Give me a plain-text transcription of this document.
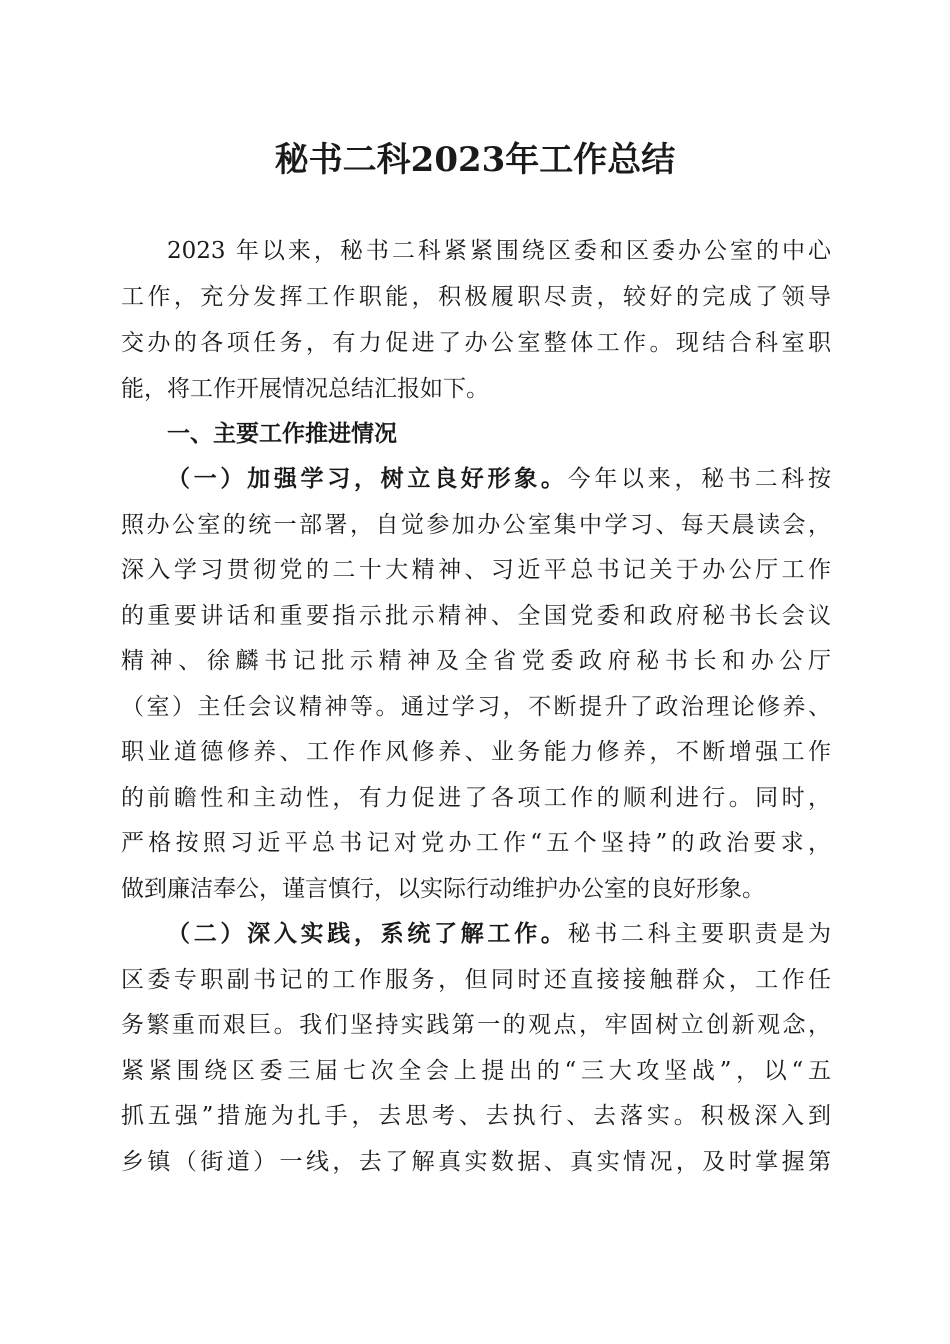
秘书二科2023年工作总结

2023 年以来，秘书二科紧紧围绕区委和区委办公室的中心

工作，充分发挥工作职能，积极履职尽责，较好的完成了领导

交办的各项任务，有力促进了办公室整体工作。现结合科室职

能，将工作开展情况总结汇报如下。

一、主要工作推进情况

（一）加强学习，树立良好形象。今年以来，秘书二科按

照办公室的统一部署，自觉参加办公室集中学习、每天晨读会，

深入学习贯彻党的二十大精神、习近平总书记关于办公厅工作

的重要讲话和重要指示批示精神、全国党委和政府秘书长会议

精神、徐麟书记批示精神及全省党委政府秘书长和办公厅

（室）主任会议精神等。通过学习，不断提升了政治理论修养、

职业道德修养、工作作风修养、业务能力修养，不断增强工作

的前瞻性和主动性，有力促进了各项工作的顺利进行。同时，

严格按照习近平总书记对党办工作“五个坚持”的政治要求，

做到廉洁奉公，谨言慎行，以实际行动维护办公室的良好形象。

（二）深入实践，系统了解工作。秘书二科主要职责是为

区委专职副书记的工作服务，但同时还直接接触群众，工作任

务繁重而艰巨。我们坚持实践第一的观点，牢固树立创新观念，

紧紧围绕区委三届七次全会上提出的“三大攻坚战”，以“五

抓五强”措施为扎手，去思考、去执行、去落实。积极深入到

乡镇（街道）一线，去了解真实数据、真实情况，及时掌握第
